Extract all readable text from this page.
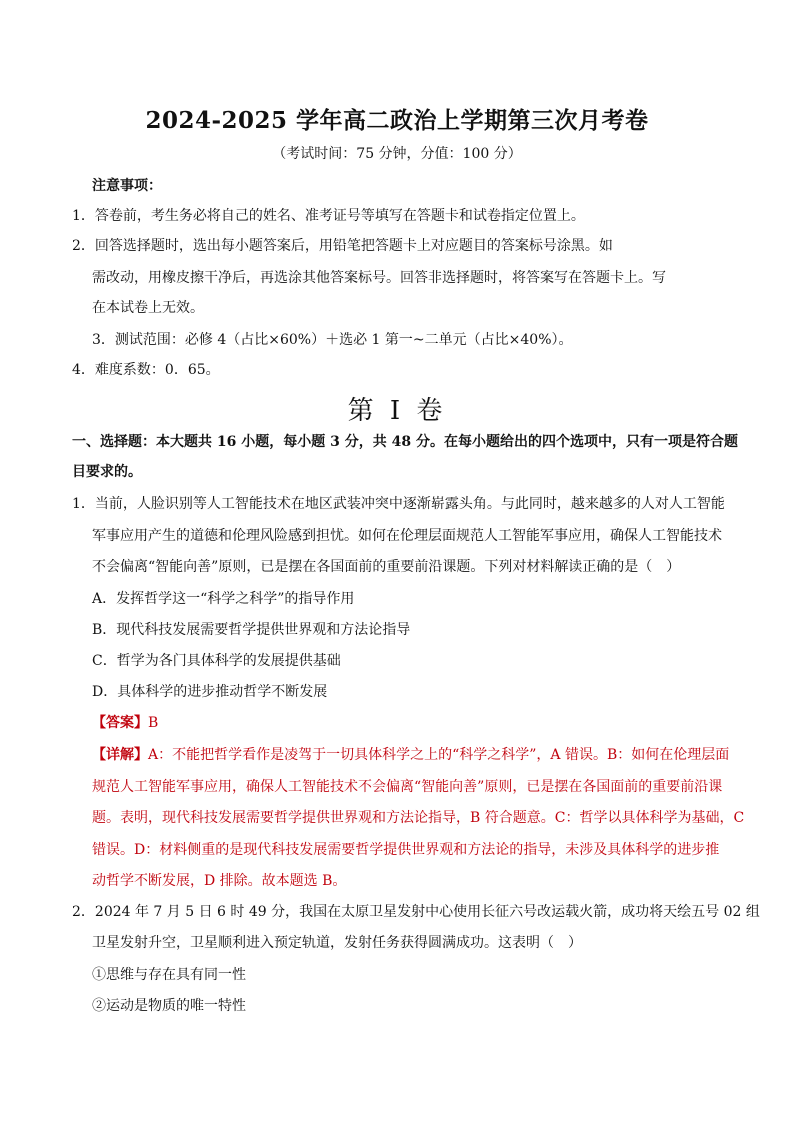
2024-2025 学年高二政治上学期第三次月考卷
（考试时间：75 分钟，分值：100 分）
注意事项：
1．答卷前，考生务必将自己的姓名、准考证号等填写在答题卡和试卷指定位置上。
2．回答选择题时，选出每小题答案后，用铅笔把答题卡上对应题目的答案标号涂黑。如
需改动，用橡皮擦干净后，再选涂其他答案标号。回答非选择题时，将答案写在答题卡上。写
在本试卷上无效。
3．测试范围：必修 4（占比×60%）＋选必 1 第一~二单元（占比×40%）。
4．难度系数：0．65。
第 I 卷
一、选择题：本大题共 16 小题，每小题 3 分，共 48 分。在每小题给出的四个选项中，只有一项是符合题
目要求的。
1．当前，人脸识别等人工智能技术在地区武装冲突中逐渐崭露头角。与此同时，越来越多的人对人工智能
军事应用产生的道德和伦理风险感到担忧。如何在伦理层面规范人工智能军事应用，确保人工智能技术
不会偏离“智能向善”原则，已是摆在各国面前的重要前沿课题。下列对材料解读正确的是（　）
A．发挥哲学这一“科学之科学”的指导作用
B．现代科技发展需要哲学提供世界观和方法论指导
C．哲学为各门具体科学的发展提供基础
D．具体科学的进步推动哲学不断发展
【答案】B
【详解】A：不能把哲学看作是凌驾于一切具体科学之上的“科学之科学”，A 错误。B：如何在伦理层面
规范人工智能军事应用，确保人工智能技术不会偏离“智能向善”原则，已是摆在各国面前的重要前沿课
题。表明，现代科技发展需要哲学提供世界观和方法论指导，B 符合题意。C：哲学以具体科学为基础，C
错误。D：材料侧重的是现代科技发展需要哲学提供世界观和方法论的指导，未涉及具体科学的进步推
动哲学不断发展，D 排除。故本题选 B。
2．2024 年 7 月 5 日 6 时 49 分，我国在太原卫星发射中心使用长征六号改运载火箭，成功将天绘五号 02 组
卫星发射升空，卫星顺利进入预定轨道，发射任务获得圆满成功。这表明（　）
①思维与存在具有同一性
②运动是物质的唯一特性
